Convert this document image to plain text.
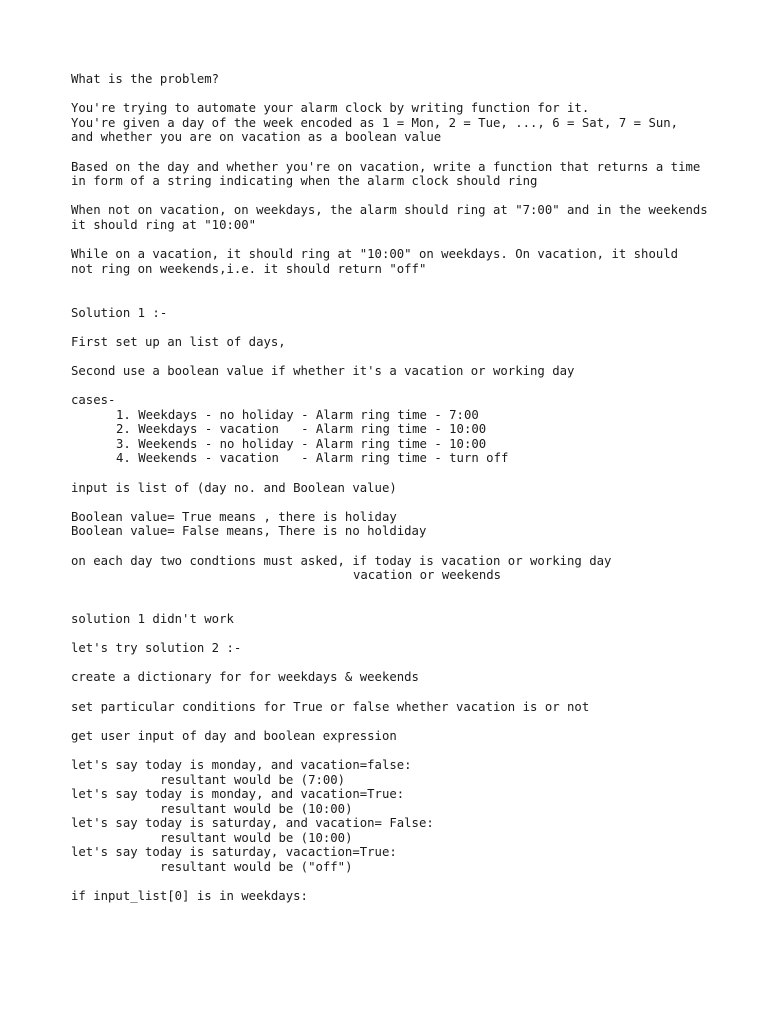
What is the problem?
You're trying to automate your alarm clock by writing function for it.
You're given a day of the week encoded as 1 = Mon, 2 = Tue, ..., 6 = Sat, 7 = Sun,
and whether you are on vacation as a boolean value
Based on the day and whether you're on vacation, write a function that returns a time
in form of a string indicating when the alarm clock should ring
When not on vacation, on weekdays, the alarm should ring at "7:00" and in the weekends
it should ring at "10:00"
While on a vacation, it should ring at "10:00" on weekdays. On vacation, it should
not ring on weekends,i.e. it should return "off"
Solution 1 :-
First set up an list of days,
Second use a boolean value if whether it's a vacation or working day
cases-
1. Weekdays - no holiday - Alarm ring time - 7:00
2. Weekdays - vacation   - Alarm ring time - 10:00
3. Weekends - no holiday - Alarm ring time - 10:00
4. Weekends - vacation   - Alarm ring time - turn off
input is list of (day no. and Boolean value)
Boolean value= True means , there is holiday
Boolean value= False means, There is no holdiday
on each day two condtions must asked, if today is vacation or working day
vacation or weekends
solution 1 didn't work
let's try solution 2 :-
create a dictionary for for weekdays & weekends
set particular conditions for True or false whether vacation is or not
get user input of day and boolean expression
let's say today is monday, and vacation=false:
resultant would be (7:00)
let's say today is monday, and vacation=True:
resultant would be (10:00)
let's say today is saturday, and vacation= False:
resultant would be (10:00)
let's say today is saturday, vacaction=True:
resultant would be ("off")
if input_list[0] is in weekdays:
